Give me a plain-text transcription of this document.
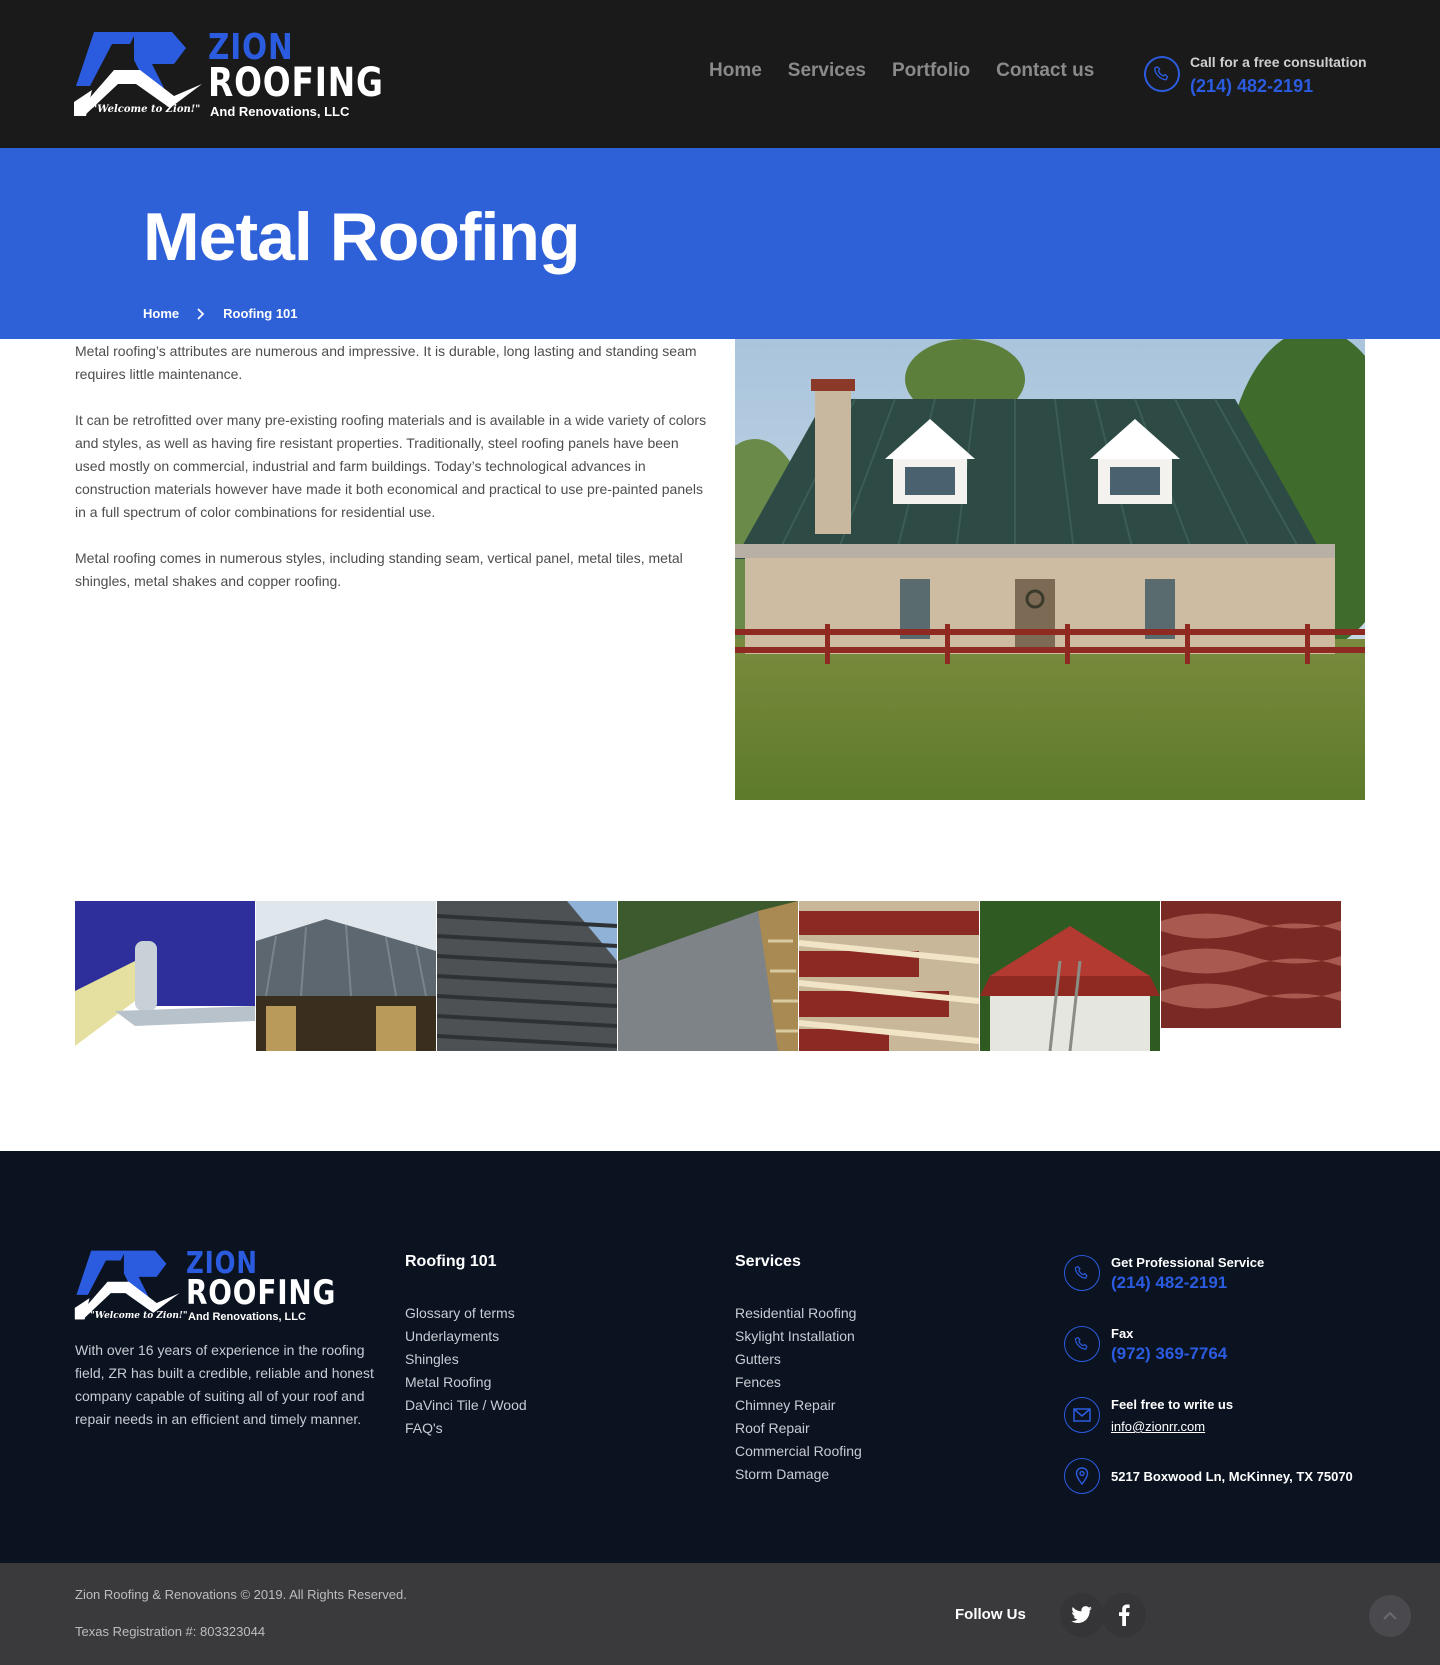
ZION
ROOFING
And Renovations, LLC
"Welcome to Zion!"
Home Services Portfolio Contact us	Call for a free consultation
(214) 482-2191
Metal Roofing
Home	Roofing 101

Metal roofing’s attributes are numerous and impressive. It is durable, long lasting and standing seam requires little maintenance.

It can be retrofitted over many pre-existing roofing materials and is available in a wide variety of colors and styles, as well as having fire resistant properties. Traditionally, steel roofing panels have been used mostly on commercial, industrial and farm buildings. Today’s technological advances in construction materials however have made it both economical and practical to use pre-painted panels in a full spectrum of color combinations for residential use.

Metal roofing comes in numerous styles, including standing seam, vertical panel, metal tiles, metal shingles, metal shakes and copper roofing.

ZION
ROOFING
And Renovations, LLC
"Welcome to Zion!"

With over 16 years of experience in the roofing field, ZR has built a credible, reliable and honest company capable of suiting all of your roof and repair needs in an efficient and timely manner.

Roofing 101
Glossary of terms
Underlayments
Shingles
Metal Roofing
DaVinci Tile / Wood
FAQ's
Services
Residential Roofing
Skylight Installation
Gutters
Fences
Chimney Repair
Roof Repair
Commercial Roofing
Storm Damage
Get Professional Service
(214) 482-2191
Fax
(972) 369-7764
Feel free to write us
info@zionrr.com
5217 Boxwood Ln, McKinney, TX 75070
Zion Roofing & Renovations © 2019. All Rights Reserved.
Texas Registration #: 803323044
Follow Us
